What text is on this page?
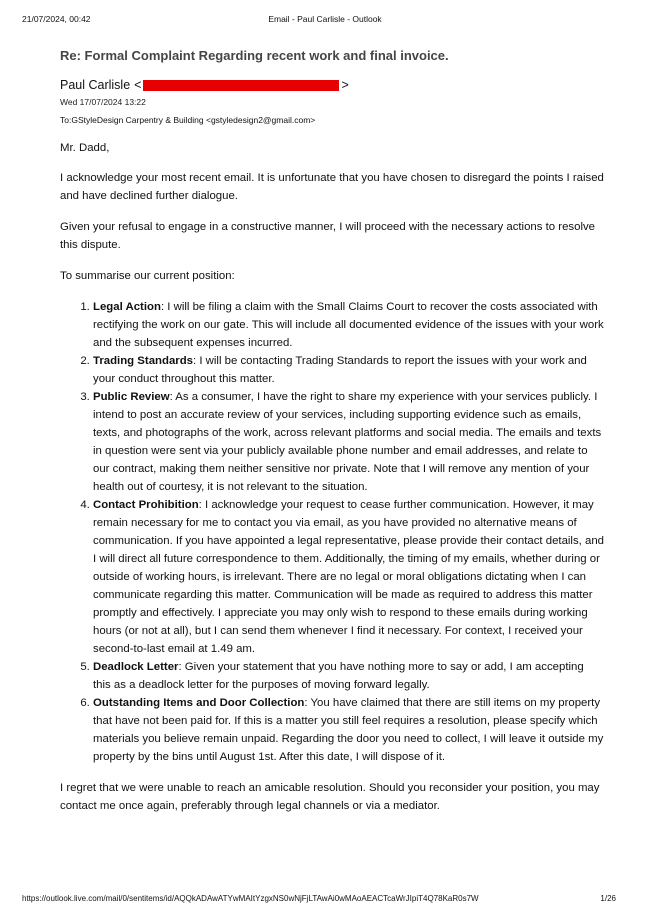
21/07/2024, 00:42	Email - Paul Carlisle - Outlook
Re: Formal Complaint Regarding recent work and final invoice.
Paul Carlisle <	>
Wed 17/07/2024 13:22
To:GStyleDesign Carpentry & Building <gstyledesign2@gmail.com>

Mr. Dadd,

I acknowledge your most recent email. It is unfortunate that you have chosen to disregard the points I raised and have declined further dialogue.

Given your refusal to engage in a constructive manner, I will proceed with the necessary actions to resolve this dispute.

To summarise our current position:

1. Legal Action: I will be filing a claim with the Small Claims Court to recover the costs associated with rectifying the work on our gate. This will include all documented evidence of the issues with your work and the subsequent expenses incurred.
2. Trading Standards: I will be contacting Trading Standards to report the issues with your work and your conduct throughout this matter.
3. Public Review: As a consumer, I have the right to share my experience with your services publicly. I intend to post an accurate review of your services, including supporting evidence such as emails, texts, and photographs of the work, across relevant platforms and social media. The emails and texts in question were sent via your publicly available phone number and email addresses, and relate to our contract, making them neither sensitive nor private. Note that I will remove any mention of your health out of courtesy, it is not relevant to the situation.
4. Contact Prohibition: I acknowledge your request to cease further communication. However, it may remain necessary for me to contact you via email, as you have provided no alternative means of communication. If you have appointed a legal representative, please provide their contact details, and I will direct all future correspondence to them. Additionally, the timing of my emails, whether during or outside of working hours, is irrelevant. There are no legal or moral obligations dictating when I can communicate regarding this matter. Communication will be made as required to address this matter promptly and effectively. I appreciate you may only wish to respond to these emails during working hours (or not at all), but I can send them whenever I find it necessary. For context, I received your second-to-last email at 1.49 am.
5. Deadlock Letter: Given your statement that you have nothing more to say or add, I am accepting this as a deadlock letter for the purposes of moving forward legally.
6. Outstanding Items and Door Collection: You have claimed that there are still items on my property that have not been paid for. If this is a matter you still feel requires a resolution, please specify which materials you believe remain unpaid. Regarding the door you need to collect, I will leave it outside my property by the bins until August 1st. After this date, I will dispose of it.

I regret that we were unable to reach an amicable resolution. Should you reconsider your position, you may contact me once again, preferably through legal channels or via a mediator.

https://outlook.live.com/mail/0/sentitems/id/AQQkADAwATYwMAItYzgxNS0wNjFjLTAwAi0wMAoAEACTcaWrJIpiT4Q78KaR0s7W	1/26
